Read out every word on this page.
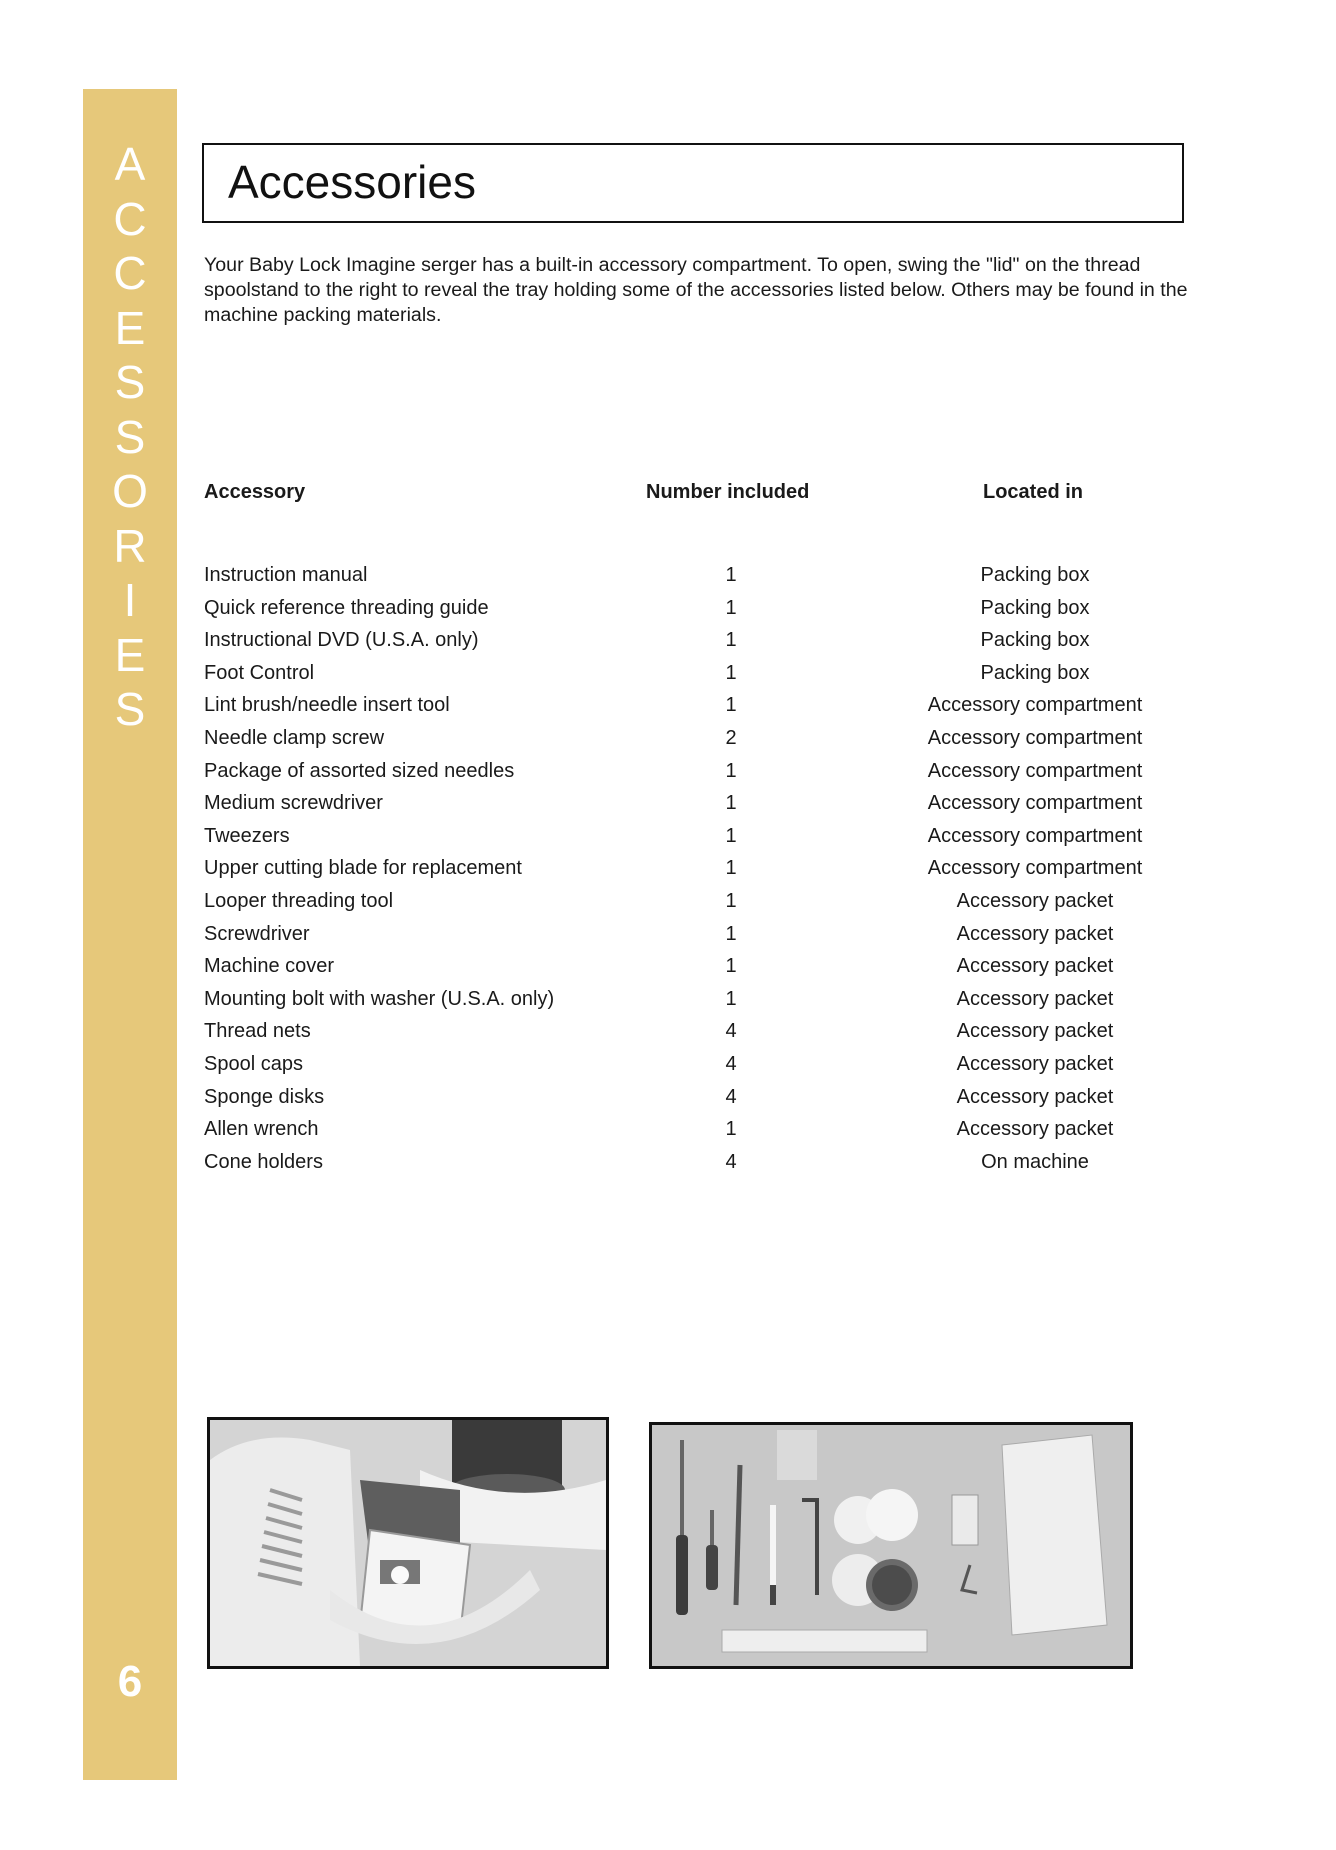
A
C
C
E
S
S
O
R
I
E
S
6
Accessories

Your Baby Lock Imagine serger has a built-in accessory compartment. To open, swing the "lid" on the thread spoolstand to the right to reveal the tray holding some of the accessories listed below. Others may be found in the machine packing materials.

Accessory	Number included	Located in
Instruction manual	1	Packing box
Quick reference threading guide	1	Packing box
Instructional DVD (U.S.A. only)	1	Packing box
Foot Control	1	Packing box
Lint brush/needle insert tool	1	Accessory compartment
Needle clamp screw	2	Accessory compartment
Package of assorted sized needles	1	Accessory compartment
Medium screwdriver	1	Accessory compartment
Tweezers	1	Accessory compartment
Upper cutting blade for replacement	1	Accessory compartment
Looper threading tool	1	Accessory packet
Screwdriver	1	Accessory packet
Machine cover	1	Accessory packet
Mounting bolt with washer (U.S.A. only)	1	Accessory packet
Thread nets	4	Accessory packet
Spool caps	4	Accessory packet
Sponge disks	4	Accessory packet
Allen wrench	1	Accessory packet
Cone holders	4	On machine
